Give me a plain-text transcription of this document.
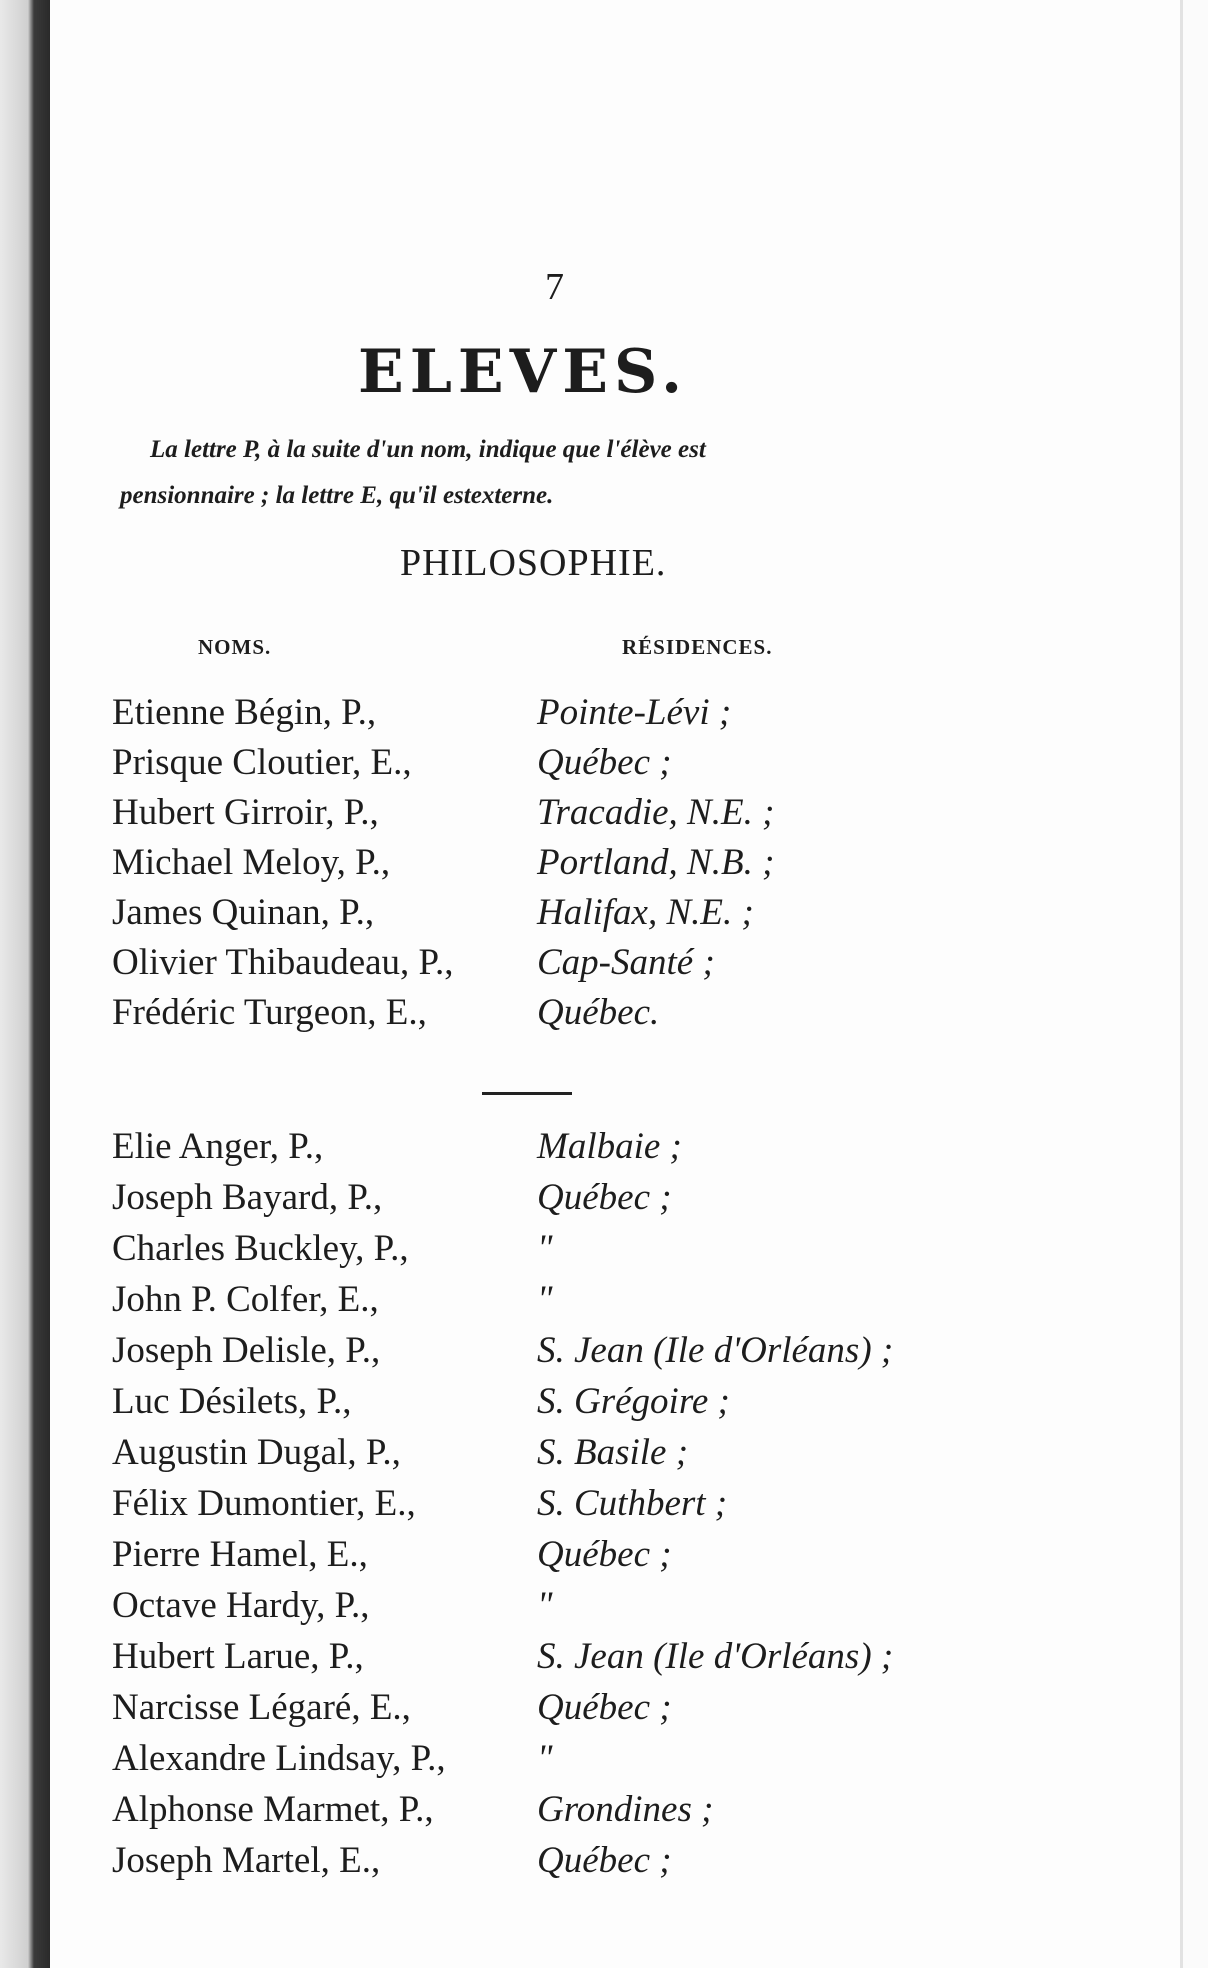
7
ELEVES.
La lettre P, à la suite d'un nom, indique que l'élève est
pensionnaire ; la lettre E, qu'il estexterne.
PHILOSOPHIE.
NOMS.	RÉSIDENCES.
Etienne Bégin, P.,	Pointe-Lévi ;
Prisque Cloutier, E.,	Québec ;
Hubert Girroir, P.,	Tracadie, N.E. ;
Michael Meloy, P.,	Portland, N.B. ;
James Quinan, P.,	Halifax, N.E. ;
Olivier Thibaudeau, P., Cap-Santé ;
Frédéric Turgeon, E.,	Québec.
Elie Anger, P.,	Malbaie ;
Joseph Bayard, P.,	Québec ;
Charles Buckley, P.,	"
John P. Colfer, E.,	"
Joseph Delisle, P.,	S. Jean (Ile d'Orléans) ;
Luc Désilets, P.,	S. Grégoire ;
Augustin Dugal, P.,	S. Basile ;
Félix Dumontier, E.,	S. Cuthbert ;
Pierre Hamel, E.,	Québec ;
Octave Hardy, P.,	"
Hubert Larue, P.,	S. Jean (Ile d'Orléans) ;
Narcisse Légaré, E.,	Québec ;
Alexandre Lindsay, P., "
Alphonse Marmet, P.,	Grondines ;
Joseph Martel, E.,	Québec ;
